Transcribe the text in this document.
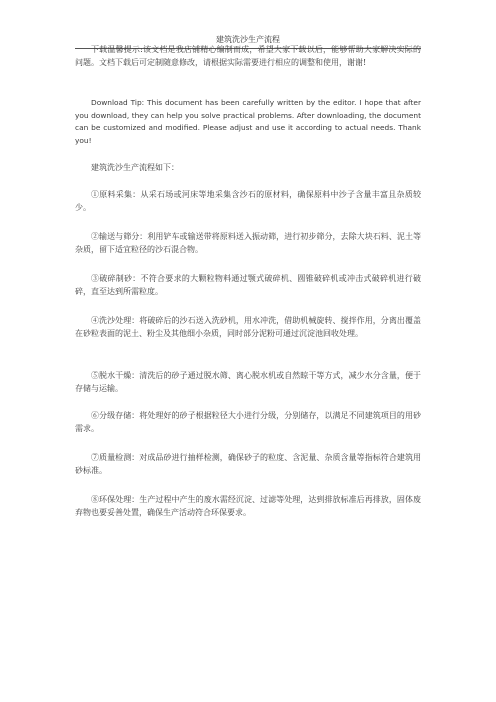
建筑洗沙生产流程

下载温馨提示:该文档是我店铺精心编制而成，希望大家下载以后，能够帮助大家解决实际的问题。文档下载后可定制随意修改，请根据实际需要进行相应的调整和使用，谢谢!

Download Tip: This document has been carefully written by the editor. I hope that after you download, they can help you solve practical problems. After downloading, the document can be customized and modified. Please adjust and use it according to actual needs. Thank you!

建筑洗沙生产流程如下：

①原料采集：从采石场或河床等地采集含沙石的原材料，确保原料中沙子含量丰富且杂质较少。

②输送与筛分：利用铲车或输送带将原料送入振动筛，进行初步筛分，去除大块石料、泥土等杂质，留下适宜粒径的沙石混合物。

③破碎制砂：不符合要求的大颗粒物料通过颚式破碎机、圆锥破碎机或冲击式破碎机进行破碎，直至达到所需粒度。

④洗沙处理：将破碎后的沙石送入洗砂机，用水冲洗，借助机械旋转、搅拌作用，分离出覆盖在砂粒表面的泥土、粉尘及其他细小杂质，同时部分泥粉可通过沉淀池回收处理。

⑤脱水干燥：清洗后的砂子通过脱水筛、离心脱水机或自然晾干等方式，减少水分含量，便于存储与运输。

⑥分级存储：将处理好的砂子根据粒径大小进行分级，分别储存，以满足不同建筑项目的用砂需求。

⑦质量检测：对成品砂进行抽样检测，确保砂子的粒度、含泥量、杂质含量等指标符合建筑用砂标准。

⑧环保处理：生产过程中产生的废水需经沉淀、过滤等处理，达到排放标准后再排放，固体废弃物也要妥善处置，确保生产活动符合环保要求。
